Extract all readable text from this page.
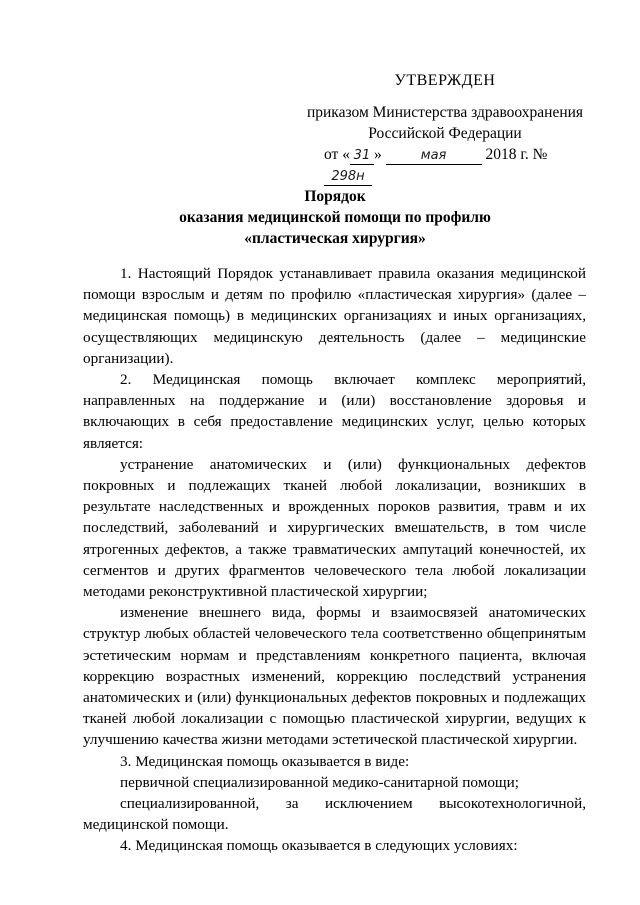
УТВЕРЖДЕН
приказом Министерства здравоохранения
Российской Федерации
от « 31 »	мая	2018 г. № 298н
Порядок
оказания медицинской помощи по профилю
«пластическая хирургия»

1. Настоящий Порядок устанавливает правила оказания медицинской помощи взрослым и детям по профилю «пластическая хирургия» (далее – медицинская помощь) в медицинских организациях и иных организациях, осуществляющих медицинскую деятельность (далее – медицинские организации).

2. Медицинская помощь включает комплекс мероприятий, направленных на поддержание и (или) восстановление здоровья и включающих в себя предоставление медицинских услуг, целью которых является:

устранение анатомических и (или) функциональных дефектов покровных и подлежащих тканей любой локализации, возникших в результате наследственных и врожденных пороков развития, травм и их последствий, заболеваний и хирургических вмешательств, в том числе ятрогенных дефектов, а также травматических ампутаций конечностей, их сегментов и других фрагментов человеческого тела любой локализации методами реконструктивной пластической хирургии;

изменение внешнего вида, формы и взаимосвязей анатомических структур любых областей человеческого тела соответственно общепринятым эстетическим нормам и представлениям конкретного пациента, включая коррекцию возрастных изменений, коррекцию последствий устранения анатомических и (или) функциональных дефектов покровных и подлежащих тканей любой локализации с помощью пластической хирургии, ведущих к улучшению качества жизни методами эстетической пластической хирургии.

3. Медицинская помощь оказывается в виде:

первичной специализированной медико-санитарной помощи;

специализированной, за исключением высокотехнологичной, медицинской помощи.

4. Медицинская помощь оказывается в следующих условиях:
